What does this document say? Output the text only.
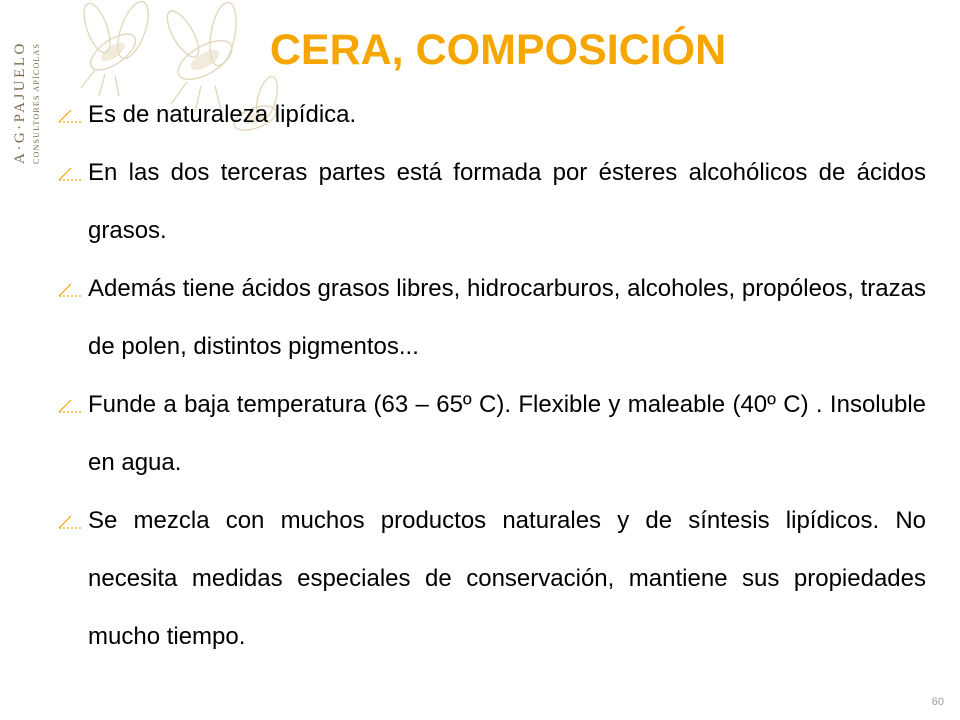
A·G·PAJUELO CONSULTORES APÍCOLAS	CERA, COMPOSICIÓN
Es de naturaleza lipídica.
En las dos terceras partes está formada por ésteres alcohólicos de ácidos grasos.
Además tiene ácidos grasos libres, hidrocarburos, alcoholes, propóleos, trazas de polen, distintos pigmentos...
Funde a baja temperatura (63 – 65º C). Flexible y maleable (40º C) . Insoluble en agua.
Se mezcla con muchos productos naturales y de síntesis lipídicos. No necesita medidas especiales de conservación, mantiene sus propiedades mucho tiempo.
60
